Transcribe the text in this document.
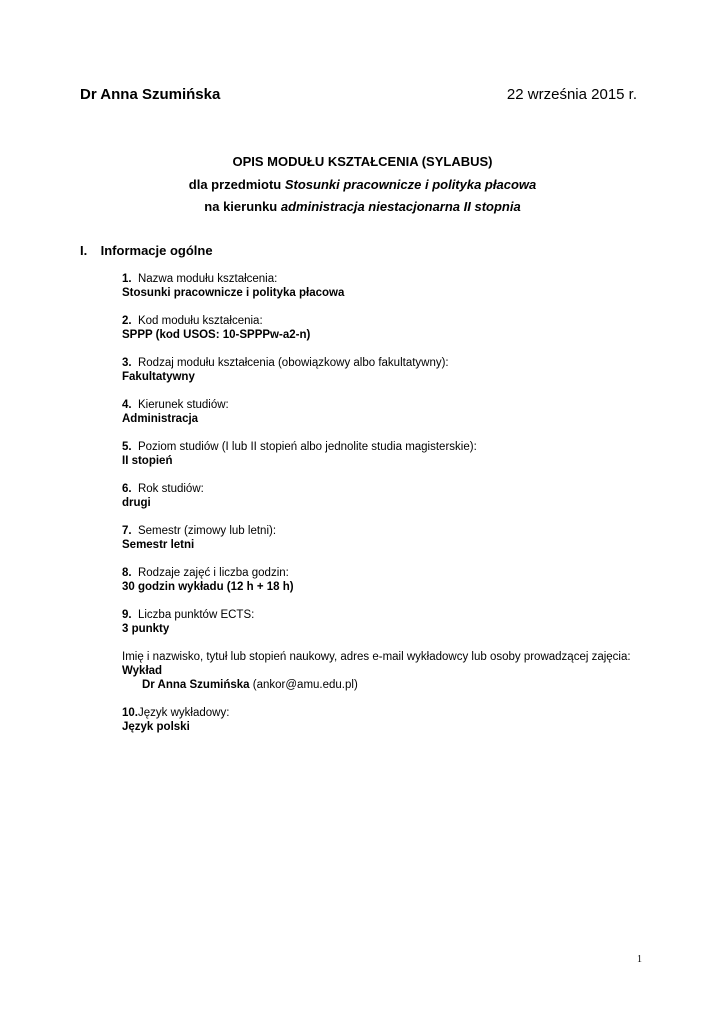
Dr Anna Szumińska	22 września 2015 r.
OPIS MODUŁU KSZTAŁCENIA (SYLABUS)
dla przedmiotu Stosunki pracownicze i polityka płacowa
na kierunku administracja niestacjonarna II stopnia
I. Informacje ogólne
1. Nazwa modułu kształcenia:
Stosunki pracownicze i polityka płacowa
2. Kod modułu kształcenia:
SPPP (kod USOS: 10-SPPPw-a2-n)
3. Rodzaj modułu kształcenia (obowiązkowy albo fakultatywny):
Fakultatywny
4. Kierunek studiów:
Administracja
5. Poziom studiów (I lub II stopień albo jednolite studia magisterskie):
II stopień
6. Rok studiów:
drugi
7. Semestr (zimowy lub letni):
Semestr letni
8. Rodzaje zajęć i liczba godzin:
30 godzin wykładu (12 h + 18 h)
9. Liczba punktów ECTS:
3 punkty
Imię i nazwisko, tytuł lub stopień naukowy, adres e-mail wykładowcy lub osoby prowadzącej zajęcia:
Wykład
Dr Anna Szumińska (ankor@amu.edu.pl)
10.Język wykładowy:
Język polski
1
